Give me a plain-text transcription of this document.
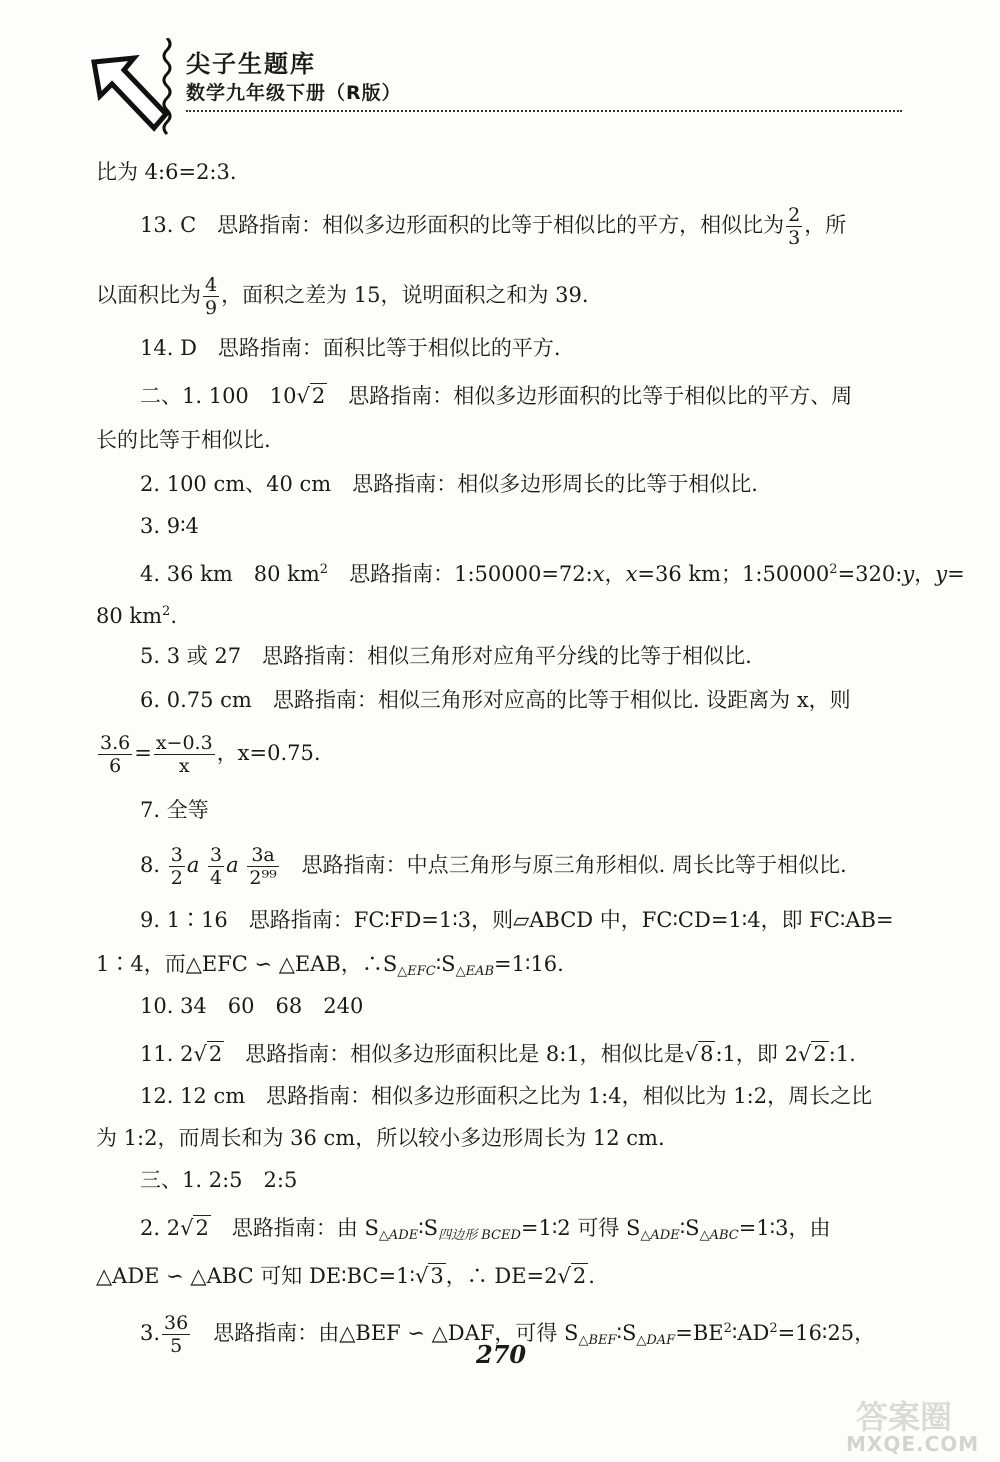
尖子生题库
数学九年级下册（R版）
比为 4:6=2:3.
13. C　思路指南：相似多边形面积的比等于相似比的平方，相似比为 $\frac{2}{3}$ ，所
以面积比为 $\frac{4}{9}$ ，面积之差为 15，说明面积之和为 39.
14. D　思路指南：面积比等于相似比的平方.
二、1. 100　10√2　思路指南：相似多边形面积的比等于相似比的平方、周
长的比等于相似比.
2. 100 cm、40 cm　思路指南：相似多边形周长的比等于相似比.
3. 9∶4
4. 36 km　80 $km^2$　思路指南：1:50000=72:x，x=36 km；$1:50000^2=320:y$，y=
80 $km^2$.
5. 3 或 27　思路指南：相似三角形对应角平分线的比等于相似比.
6. 0.75 cm　思路指南：相似三角形对应高的比等于相似比. 设距离为 x，则
$\frac{3.6}{6} = \frac{x-0.3}{x}$ ，x=0.75.
7. 全等
8. $\frac{3}{2}$ a $\frac{3}{4}$ a $\frac{3a}{\text{2⁹⁹}}$ 　思路指南：中点三角形与原三角形相似. 周长比等于相似比.
9. 1∶16　思路指南：FC∶FD=1∶3，则▱ABCD 中，FC∶CD=1∶4，即 FC∶AB=
1∶4，而△EFC ∽ △EAB，$\therefore S_{\triangle EFC}∶S_{\triangle EAB}=1∶16$.
10. 34　60　68　240
11. 2√2　思路指南：相似多边形面积比是 8:1，相似比是√8:1，即 2√2:1.
12. 12 cm　思路指南：相似多边形面积之比为 1:4，相似比为 1:2，周长之比
为 1:2，而周长和为 36 cm，所以较小多边形周长为 12 cm.
三、1. 2:5　2:5
2. 2√2　思路指南：由 $S_{\triangle ADE}∶S_{四边形 BCED}=1∶2$ 可得 $S_{\triangle ADE}∶S_{\triangle ABC}=1∶3$，由
△ADE ∽ △ABC 可知 DE∶BC=1∶√3，∴ DE=2√2.
3. $\frac{36}{5}$ 　思路指南：由△BEF ∽ △DAF，可得 $S_{\triangle BEF}∶S_{\triangle DAF}=BE^2∶AD^2=16∶25$，
270
答案圈
MXQE.COM
